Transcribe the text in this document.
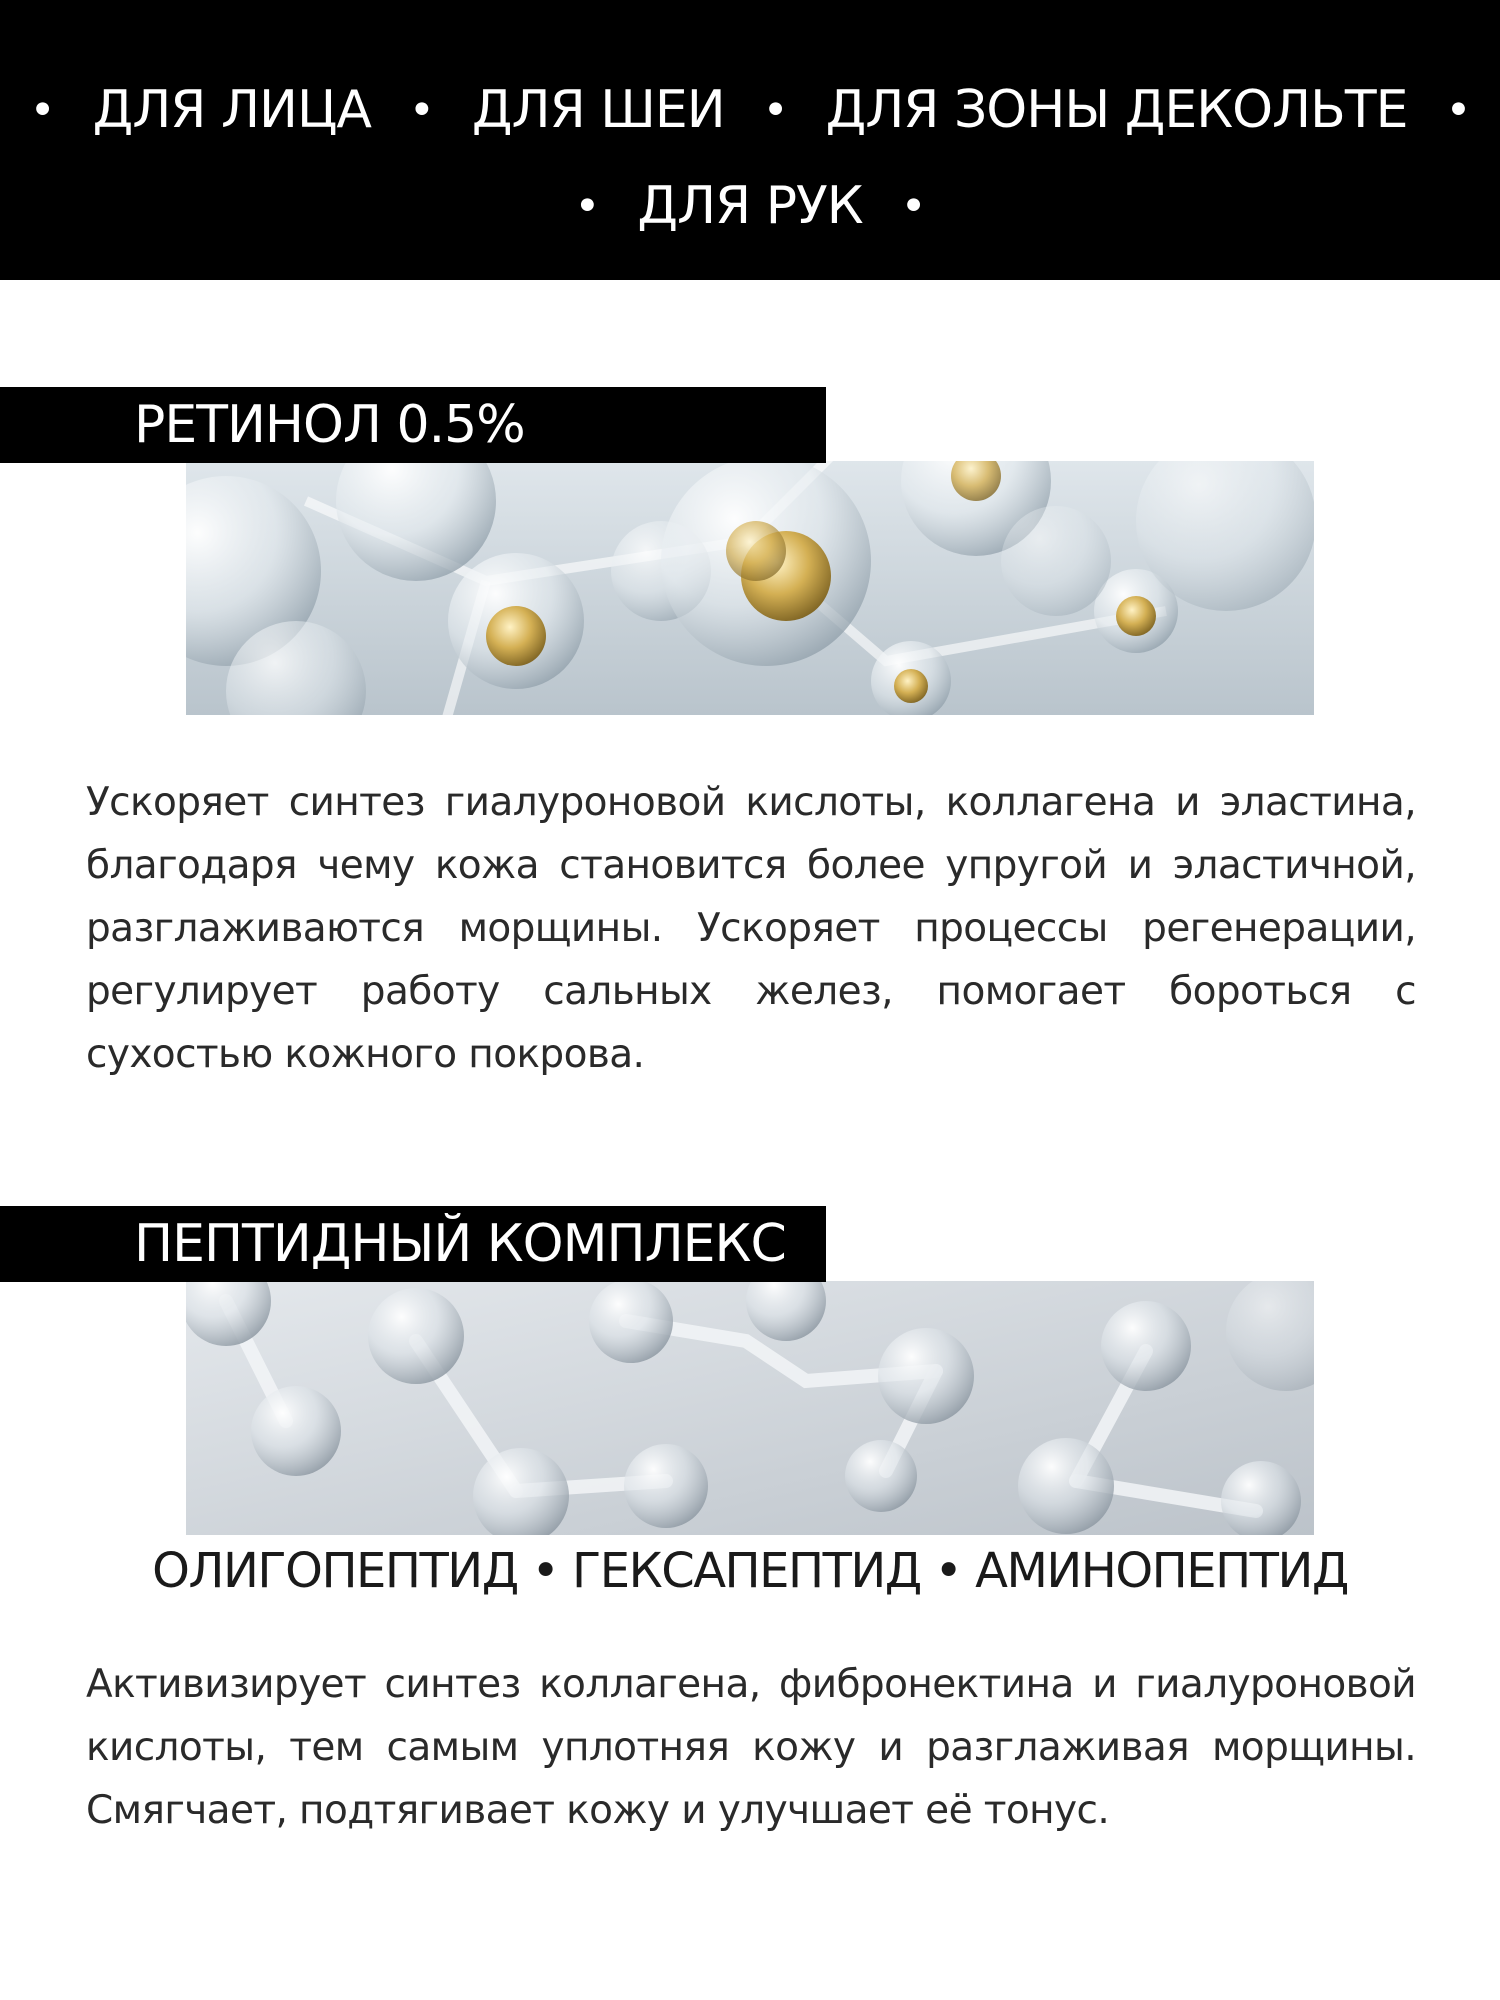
• ДЛЯ ЛИЦА • ДЛЯ ШЕИ • ДЛЯ ЗОНЫ ДЕКОЛЬТЕ •
• ДЛЯ РУК •
РЕТИНОЛ 0.5%
Ускоряет синтез гиалуроновой кислоты, коллагена и эластина, благодаря чему кожа становится более упругой и эластичной, разглаживаются морщины. Ускоряет процессы регенерации, регулирует работу сальных желез, помогает бороться с сухостью кожного покрова.
ПЕПТИДНЫЙ КОМПЛЕКС
ОЛИГОПЕПТИД • ГЕКСАПЕПТИД • АМИНОПЕПТИД
Активизирует синтез коллагена, фибронектина и гиалуроновой кислоты, тем самым уплотняя кожу и разглаживая морщины. Смягчает, подтягивает кожу и улучшает её тонус.
